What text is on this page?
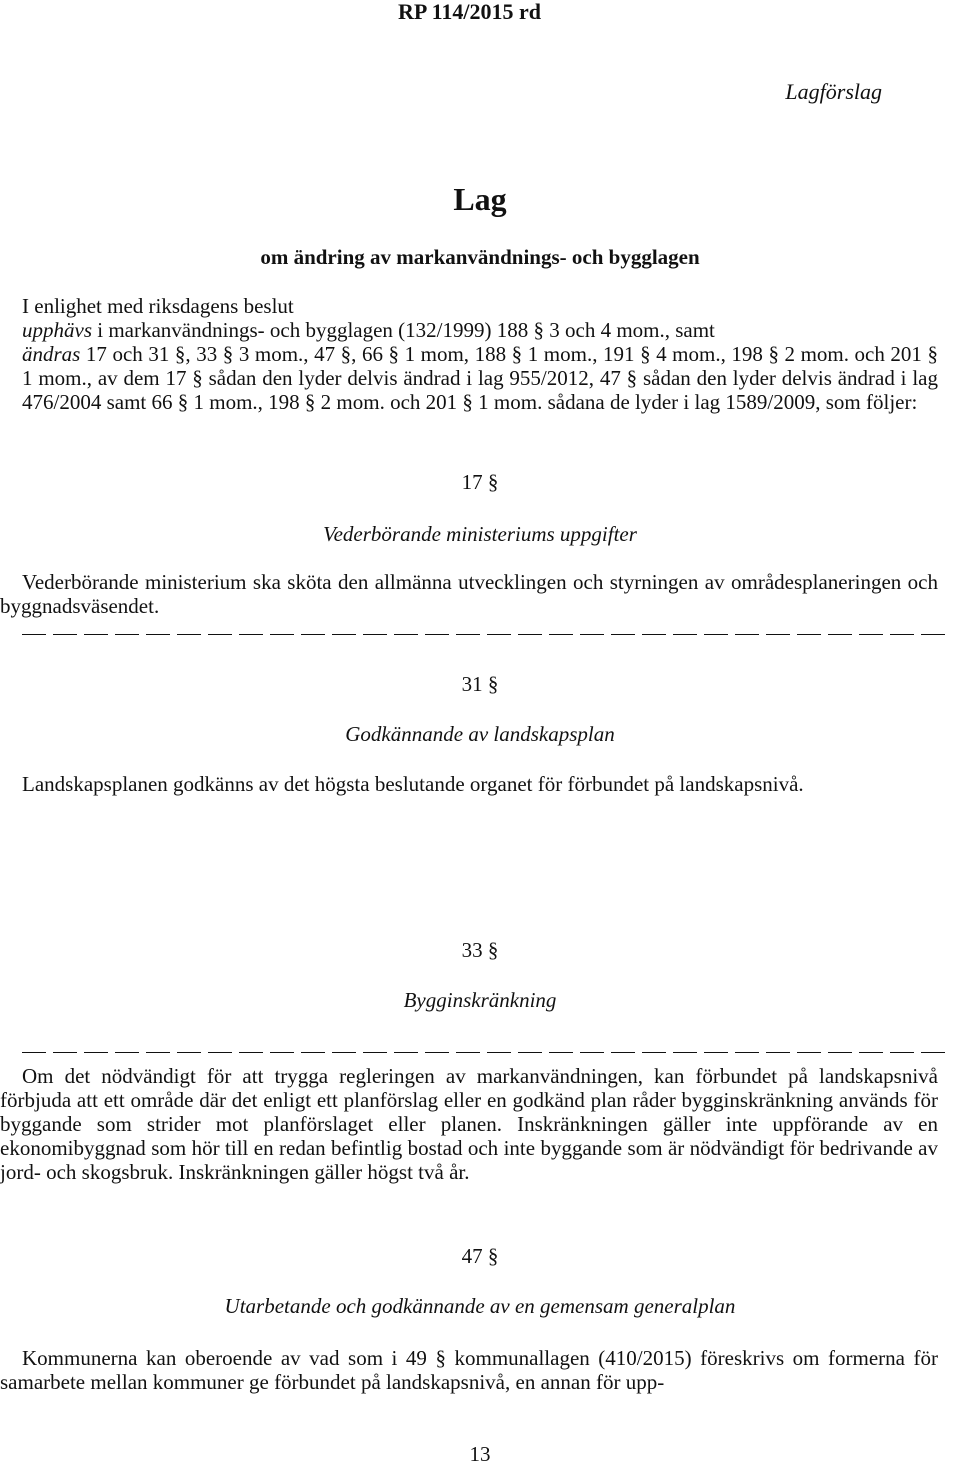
RP 114/2015 rd
Lagförslag
Lag
om ändring av markanvändnings- och bygglagen

I enlighet med riksdagens beslut

upphävs i markanvändnings- och bygglagen (132/1999) 188 § 3 och 4 mom., samt

ändras 17 och 31 §, 33 § 3 mom., 47 §, 66 § 1 mom, 188 § 1 mom., 191 § 4 mom., 198 § 2 mom. och 201 § 1 mom., av dem 17 § sådan den lyder delvis ändrad i lag 955/2012, 47 § sådan den lyder delvis ändrad i lag 476/2004 samt 66 § 1 mom., 198 § 2 mom. och 201 § 1 mom. sådana de lyder i lag 1589/2009, som följer:

17 §
Vederbörande ministeriums uppgifter

Vederbörande ministerium ska sköta den allmänna utvecklingen och styrningen av områdesplaneringen och byggnadsväsendet.

31 §
Godkännande av landskapsplan

Landskapsplanen godkänns av det högsta beslutande organet för förbundet på landskapsnivå.

33 §
Bygginskränkning

Om det nödvändigt för att trygga regleringen av markanvändningen, kan förbundet på landskapsnivå förbjuda att ett område där det enligt ett planförslag eller en godkänd plan råder bygginskränkning används för byggande som strider mot planförslaget eller planen. Inskränkningen gäller inte uppförande av en ekonomibyggnad som hör till en redan befintlig bostad och inte byggande som är nödvändigt för bedrivande av jord- och skogsbruk. Inskränkningen gäller högst två år.

47 §
Utarbetande och godkännande av en gemensam generalplan

Kommunerna kan oberoende av vad som i 49 § kommunallagen (410/2015) föreskrivs om formerna för samarbete mellan kommuner ge förbundet på landskapsnivå, en annan för upp-

13
